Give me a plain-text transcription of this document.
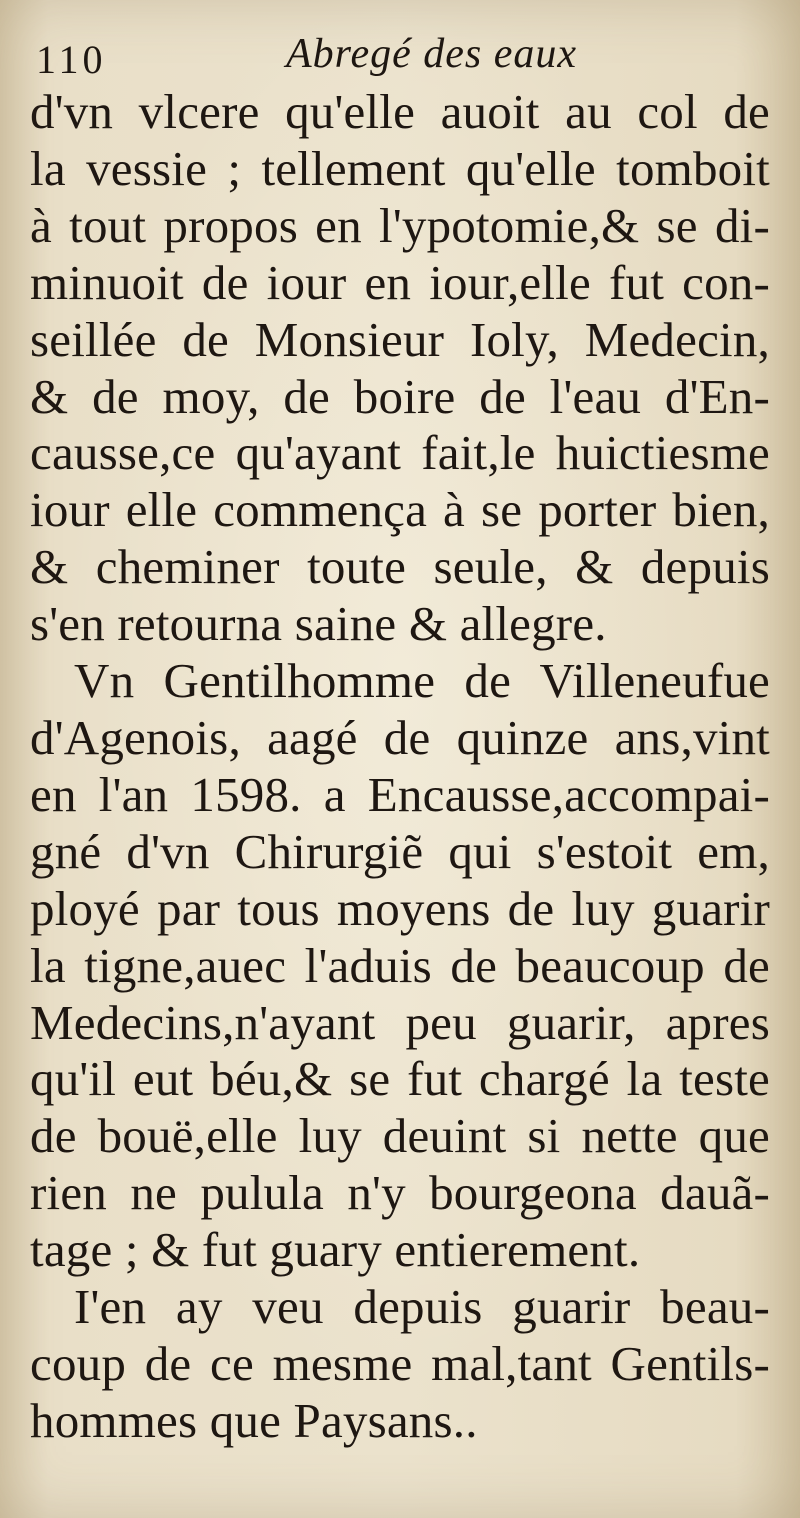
110	Abregé des eaux
d'vn vlcere qu'elle auoit au col de
la vessie ; tellement qu'elle tomboit
à tout propos en l'ypotomie,& se di-
minuoit de iour en iour,elle fut con-
seillée de Monsieur Ioly, Medecin,
& de moy, de boire de l'eau d'En-
causse,ce qu'ayant fait,le huictiesme
iour elle commença à se porter bien,
& cheminer toute seule, & depuis
s'en retourna saine & allegre.
Vn Gentilhomme de Villeneufue
d'Agenois, aagé de quinze ans,vint
en l'an 1598. a Encausse,accompai-
gné d'vn Chirurgiẽ qui s'estoit em,
ployé par tous moyens de luy guarir
la tigne,auec l'aduis de beaucoup de
Medecins,n'ayant peu guarir, apres
qu'il eut béu,& se fut chargé la teste
de bouë,elle luy deuint si nette que
rien ne pulula n'y bourgeona dauã-
tage ; & fut guary entierement.
I'en ay veu depuis guarir beau-
coup de ce mesme mal,tant Gentils-
hommes que Paysans..
